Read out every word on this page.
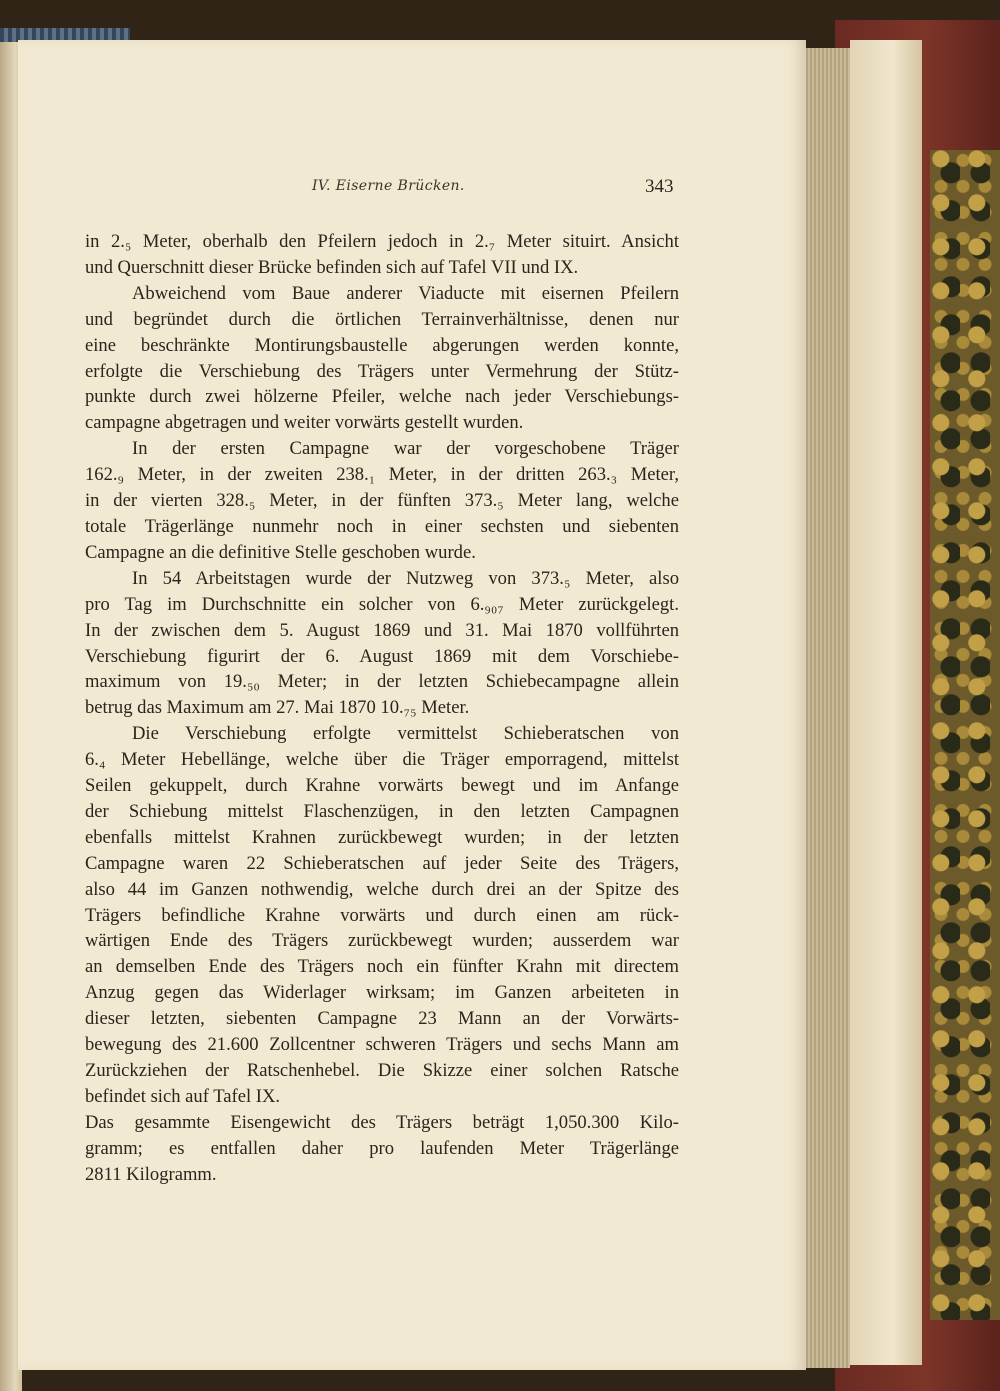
IV. Eiserne Brücken.	343
in 2.₅ Meter, oberhalb den Pfeilern jedoch in 2.₇ Meter situirt. Ansicht
und Querschnitt dieser Brücke befinden sich auf Tafel VII und IX.
Abweichend vom Baue anderer Viaducte mit eisernen Pfeilern
und begründet durch die örtlichen Terrainverhältnisse, denen nur
eine beschränkte Montirungsbaustelle abgerungen werden konnte,
erfolgte die Verschiebung des Trägers unter Vermehrung der Stütz-
punkte durch zwei hölzerne Pfeiler, welche nach jeder Verschiebungs-
campagne abgetragen und weiter vorwärts gestellt wurden.
In der ersten Campagne war der vorgeschobene Träger
162.₉ Meter, in der zweiten 238.₁ Meter, in der dritten 263.₃ Meter,
in der vierten 328.₅ Meter, in der fünften 373.₅ Meter lang, welche
totale Trägerlänge nunmehr noch in einer sechsten und siebenten
Campagne an die definitive Stelle geschoben wurde.
In 54 Arbeitstagen wurde der Nutzweg von 373.₅ Meter, also
pro Tag im Durchschnitte ein solcher von 6.₉₀₇ Meter zurückgelegt.
In der zwischen dem 5. August 1869 und 31. Mai 1870 vollführten
Verschiebung figurirt der 6. August 1869 mit dem Vorschiebe-
maximum von 19.₅₀ Meter; in der letzten Schiebecampagne allein
betrug das Maximum am 27. Mai 1870 10.₇₅ Meter.
Die Verschiebung erfolgte vermittelst Schieberatschen von
6.₄ Meter Hebellänge, welche über die Träger emporragend, mittelst
Seilen gekuppelt, durch Krahne vorwärts bewegt und im Anfange
der Schiebung mittelst Flaschenzügen, in den letzten Campagnen
ebenfalls mittelst Krahnen zurückbewegt wurden; in der letzten
Campagne waren 22 Schieberatschen auf jeder Seite des Trägers,
also 44 im Ganzen nothwendig, welche durch drei an der Spitze des
Trägers befindliche Krahne vorwärts und durch einen am rück-
wärtigen Ende des Trägers zurückbewegt wurden; ausserdem war
an demselben Ende des Trägers noch ein fünfter Krahn mit directem
Anzug gegen das Widerlager wirksam; im Ganzen arbeiteten in
dieser letzten, siebenten Campagne 23 Mann an der Vorwärts-
bewegung des 21.600 Zollcentner schweren Trägers und sechs Mann am
Zurückziehen der Ratschenhebel. Die Skizze einer solchen Ratsche
befindet sich auf Tafel IX.
Das gesammte Eisengewicht des Trägers beträgt 1,050.300 Kilo-
gramm; es entfallen daher pro laufenden Meter Trägerlänge
2811 Kilogramm.
